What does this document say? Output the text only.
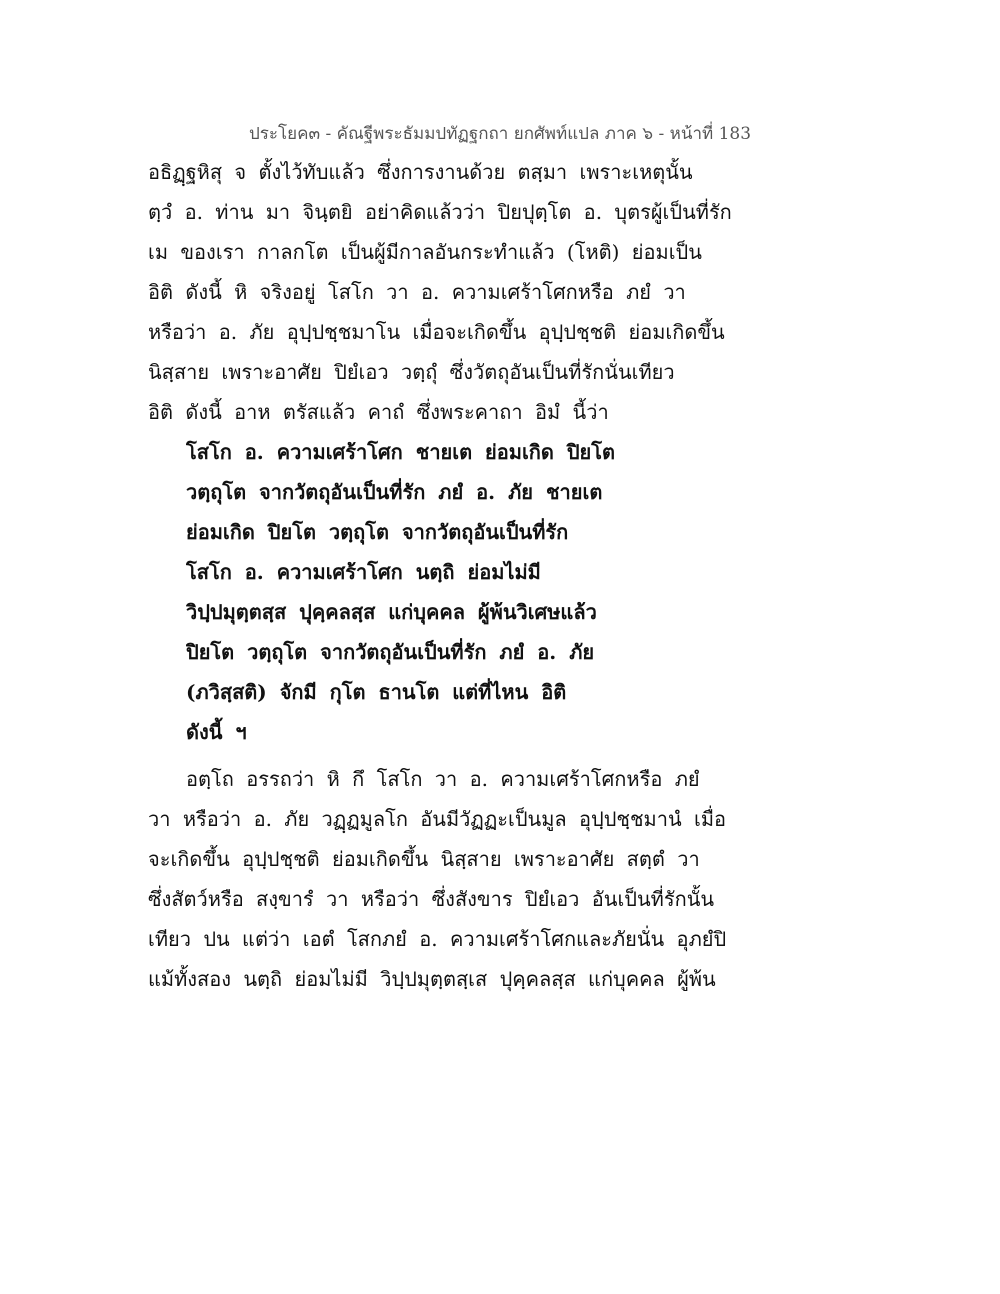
ประโยค๓ - คัณฐีพระธัมมปทัฏฐกถา ยกศัพท์แปล ภาค ๖ - หน้าที่ 183
อธิฏฺฐหิสุ จ ตั้งไว้ทับแล้ว ซึ่งการงานด้วย ตสฺมา เพราะเหตุนั้น
ตฺวํ อ. ท่าน มา จินฺตยิ อย่าคิดแล้วว่า ปิยปุตฺโต อ. บุตรผู้เป็นที่รัก
เม ของเรา กาลกโต เป็นผู้มีกาลอันกระทำแล้ว (โหติ) ย่อมเป็น
อิติ ดังนี้ หิ จริงอยู่ โสโก วา อ. ความเศร้าโศกหรือ ภยํ วา
หรือว่า อ. ภัย อุปฺปชฺชมาโน เมื่อจะเกิดขึ้น อุปฺปชฺชติ ย่อมเกิดขึ้น
นิสฺสาย เพราะอาศัย ปิยํเอว วตฺถุํ ซึ่งวัตถุอันเป็นที่รักนั่นเทียว
อิติ ดังนี้ อาห ตรัสแล้ว คาถํ ซึ่งพระคาถา อิมํ นี้ว่า
โสโก อ. ความเศร้าโศก ชายเต ย่อมเกิด ปิยโต
วตฺถุโต จากวัตถุอันเป็นที่รัก ภยํ อ. ภัย ชายเต
ย่อมเกิด ปิยโต วตฺถุโต จากวัตถุอันเป็นที่รัก
โสโก อ. ความเศร้าโศก นตฺถิ ย่อมไม่มี
วิปฺปมุตฺตสฺส ปุคฺคลสฺส แก่บุคคล ผู้พ้นวิเศษแล้ว
ปิยโต วตฺถุโต จากวัตถุอันเป็นที่รัก ภยํ อ. ภัย
(ภวิสฺสติ) จักมี กุโต ธานโต แต่ที่ไหน อิติ
ดังนี้ ฯ
อตฺโถ อรรถว่า หิ กึ โสโก วา อ. ความเศร้าโศกหรือ ภยํ
วา หรือว่า อ. ภัย วฏฺฏมูลโก อันมีวัฏฏะเป็นมูล อุปฺปชฺชมานํ เมื่อ
จะเกิดขึ้น อุปฺปชฺชติ ย่อมเกิดขึ้น นิสฺสาย เพราะอาศัย สตฺตํ วา
ซึ่งสัตว์หรือ สงฺขารํ วา หรือว่า ซึ่งสังขาร ปิยํเอว อันเป็นที่รักนั้น
เทียว ปน แต่ว่า เอตํ โสกภยํ อ. ความเศร้าโศกและภัยนั่น อุภยํปิ
แม้ทั้งสอง นตฺถิ ย่อมไม่มี วิปฺปมุตฺตสฺเส ปุคฺคลสฺส แก่บุคคล ผู้พ้น
